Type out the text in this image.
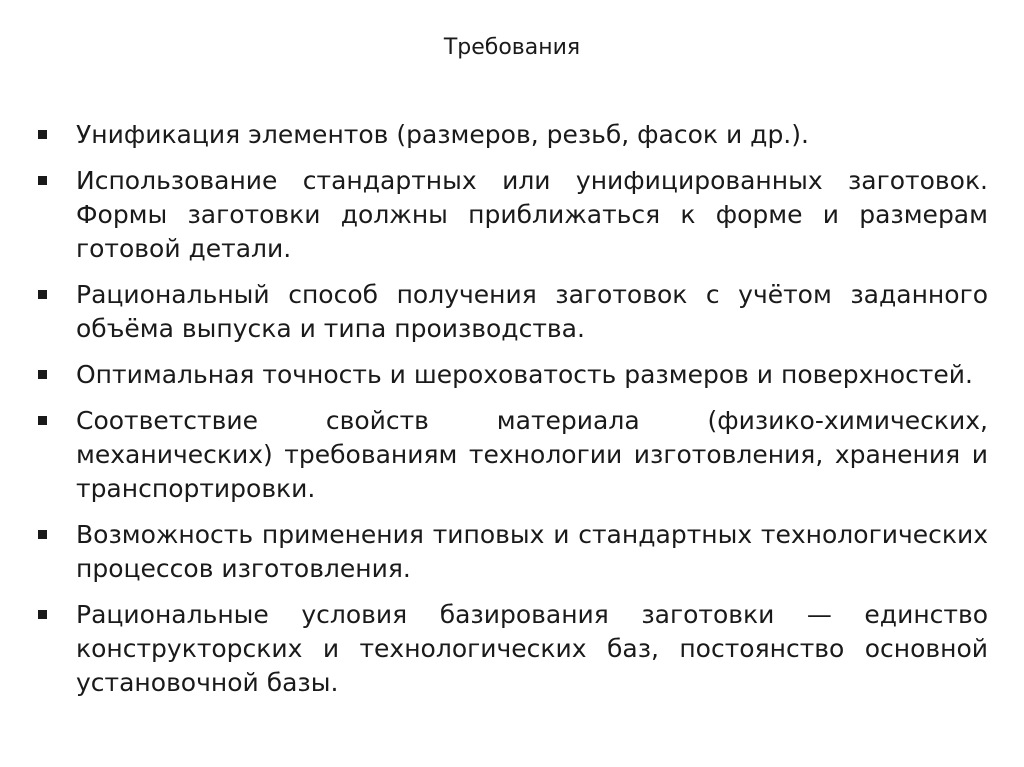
Требования
Унификация элементов (размеров, резьб, фасок и др.).
Использование стандартных или унифицированных заготовок. Формы заготовки должны приближаться к форме и размерам готовой детали.
Рациональный способ получения заготовок с учётом заданного объёма выпуска и типа производства.
Оптимальная точность и шероховатость размеров и поверхностей.
Соответствие свойств материала (физико-химических, механических) требованиям технологии изготовления, хранения и транспортировки.
Возможность применения типовых и стандартных технологических процессов изготовления.
Рациональные условия базирования заготовки — единство конструкторских и технологических баз, постоянство основной установочной базы.
